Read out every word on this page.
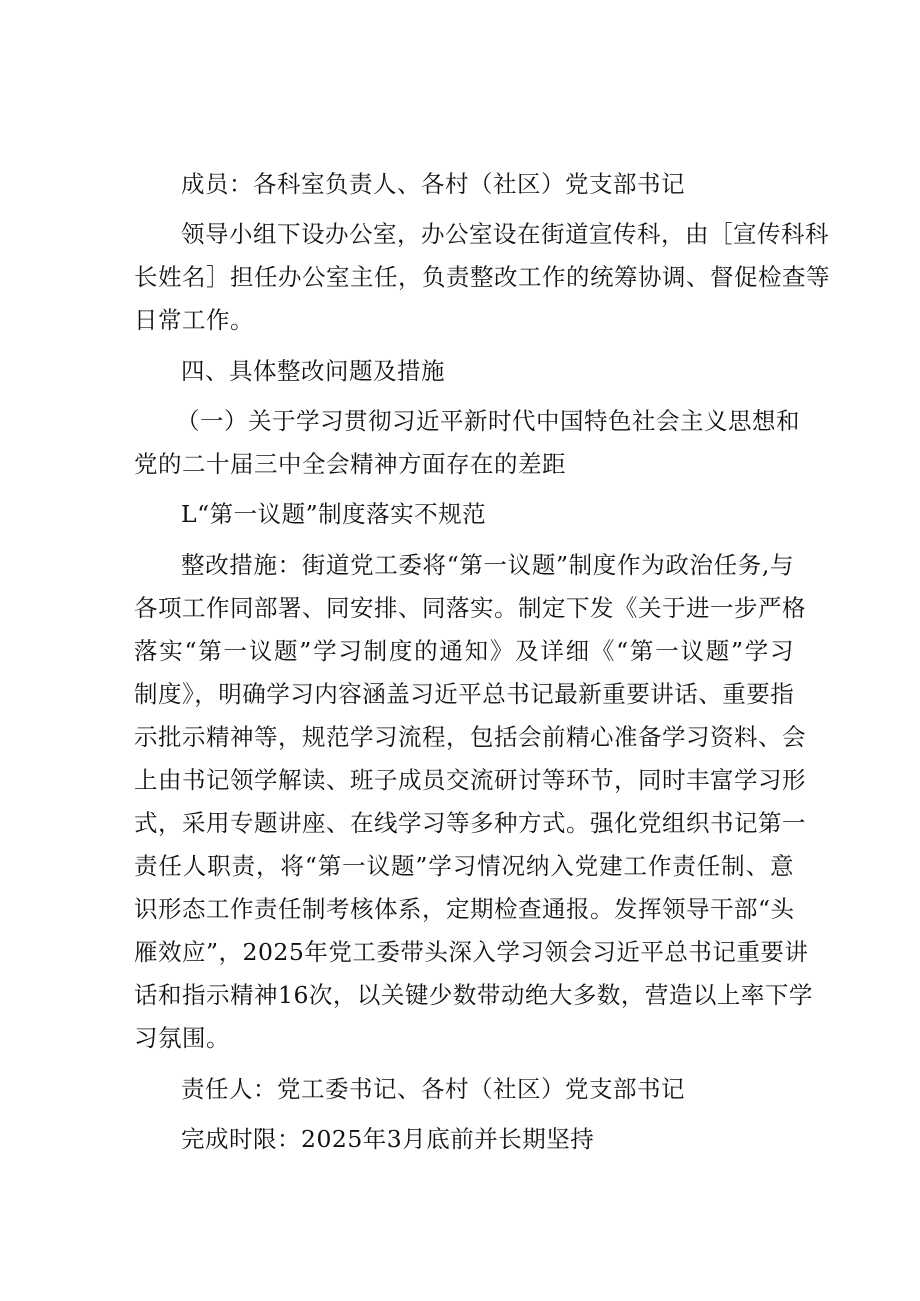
成员：各科室负责人、各村（社区）党支部书记
领导小组下设办公室，办公室设在街道宣传科，由［宣传科科
长姓名］担任办公室主任，负责整改工作的统筹协调、督促检查等
日常工作。
四、具体整改问题及措施
（一）关于学习贯彻习近平新时代中国特色社会主义思想和
党的二十届三中全会精神方面存在的差距
L“第一议题”制度落实不规范
整改措施：街道党工委将“第一议题”制度作为政治任务,与
各项工作同部署、同安排、同落实。制定下发《关于进一步严格
落实“第一议题”学习制度的通知》及详细《“第一议题”学习
制度》，明确学习内容涵盖习近平总书记最新重要讲话、重要指
示批示精神等，规范学习流程，包括会前精心准备学习资料、会
上由书记领学解读、班子成员交流研讨等环节，同时丰富学习形
式，采用专题讲座、在线学习等多种方式。强化党组织书记第一
责任人职责，将“第一议题”学习情况纳入党建工作责任制、意
识形态工作责任制考核体系，定期检查通报。发挥领导干部“头
雁效应”，2025年党工委带头深入学习领会习近平总书记重要讲
话和指示精神16次，以关键少数带动绝大多数，营造以上率下学
习氛围。
责任人：党工委书记、各村（社区）党支部书记
完成时限：2025年3月底前并长期坚持
